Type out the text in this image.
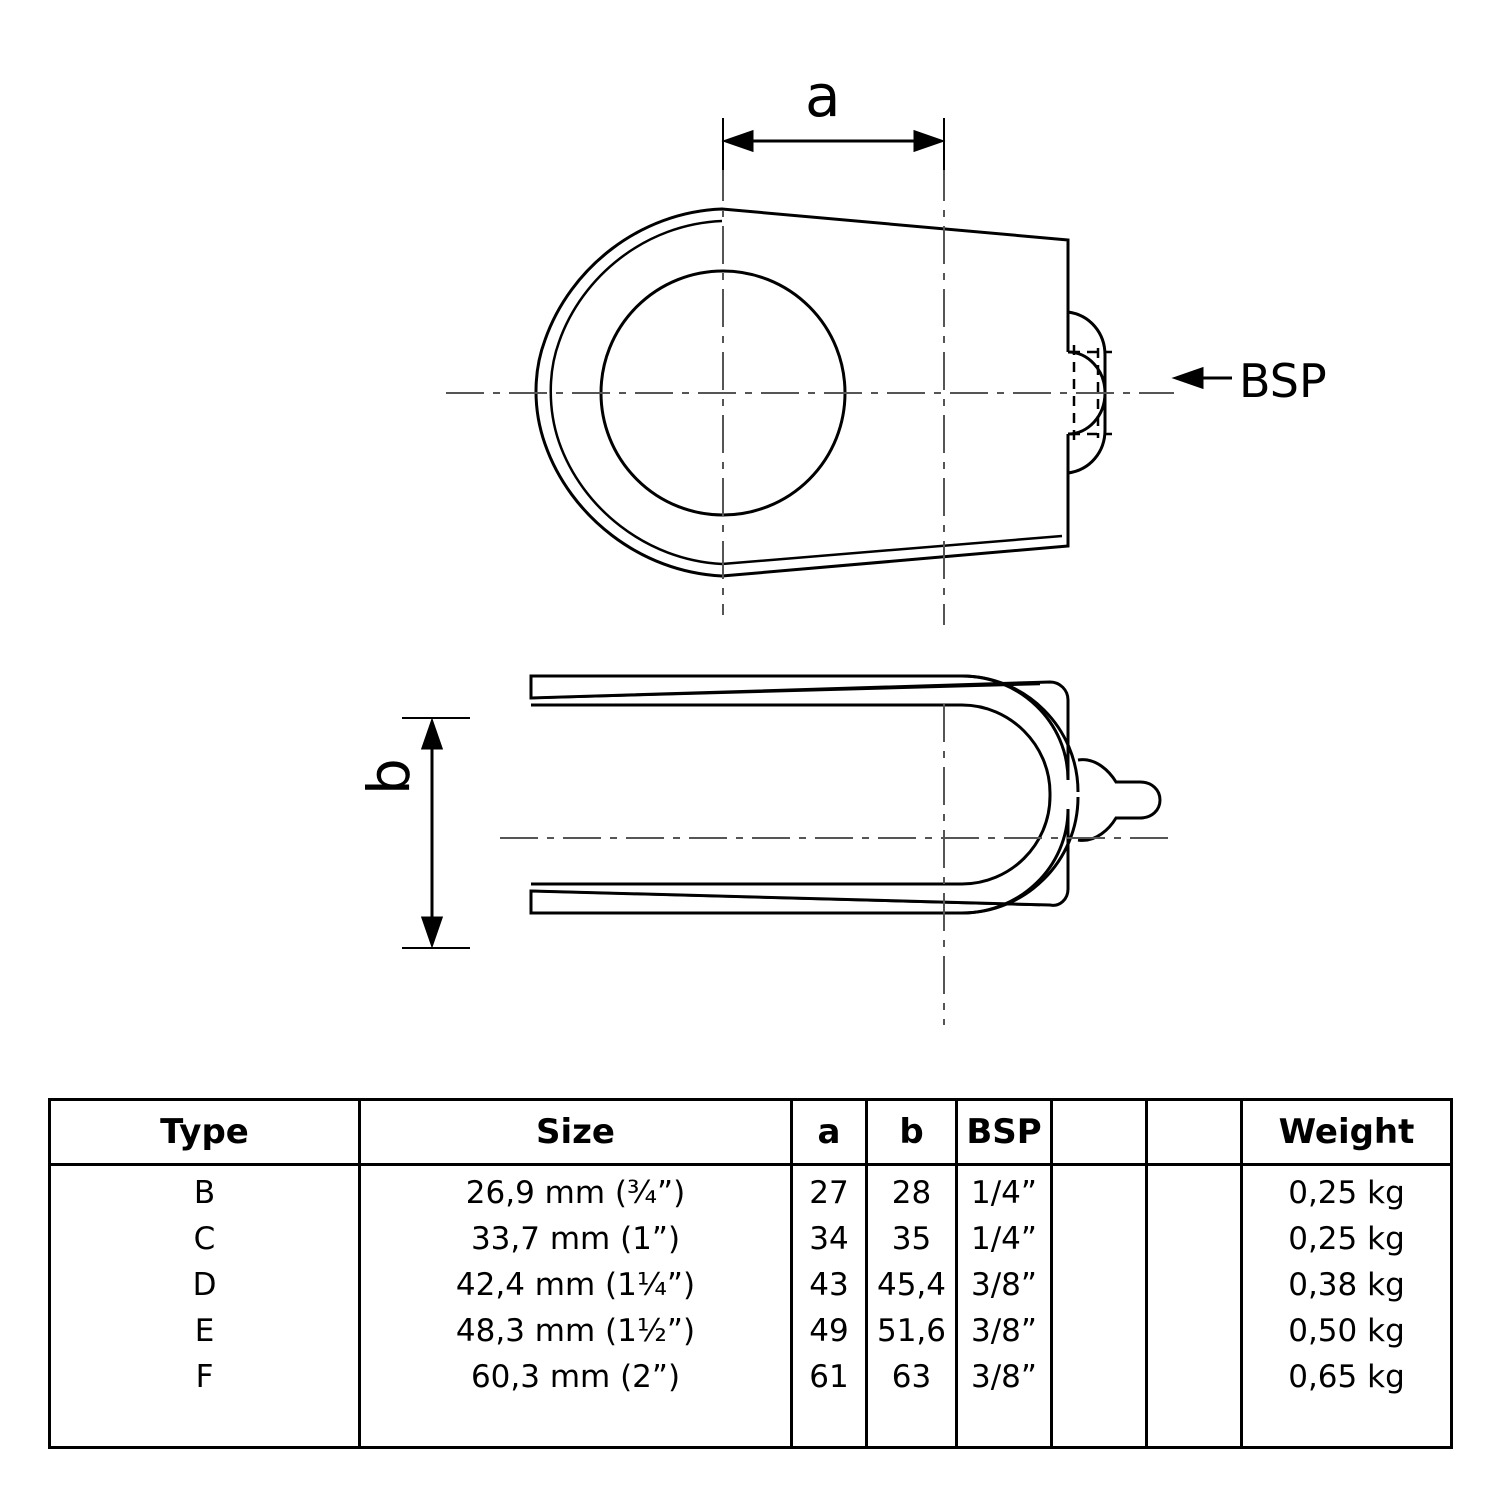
a
b
BSP
Type	Size	a	b	BSP			Weight
B	26,9 mm (¾”)	27	28	1/4”			0,25 kg
C	33,7 mm (1”)	34	35	1/4”			0,25 kg
D	42,4 mm (1¼”)	43	45,4	3/8”			0,38 kg
E	48,3 mm (1½”)	49	51,6	3/8”			0,50 kg
F	60,3 mm (2”)	61	63	3/8”			0,65 kg
